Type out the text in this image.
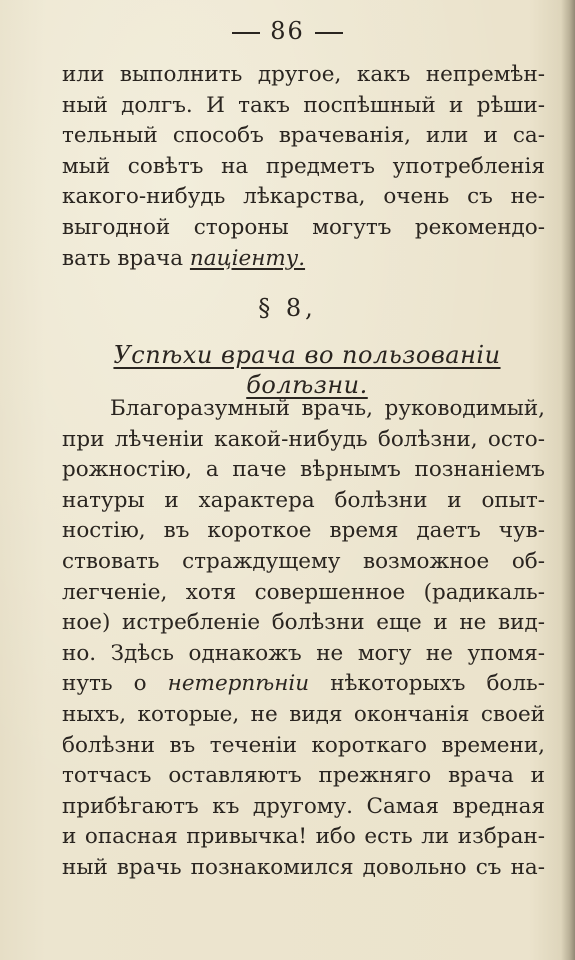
86
или выполнить другое, какъ непремѣн-
ный долгъ. И такъ поспѣшный и рѣши-
тельный способъ врачеванія, или и са-
мый совѣтъ на предметъ употребленія
какого-нибудь лѣкарства, очень съ не-
выгодной стороны могутъ рекомендо-
вать врача пацiенту.
§ 8,
Успѣхи врача во пользованiи болѣзни.
Благоразумный врачь, руководимый,
при лѣченіи какой-нибудь болѣзни, осто-
рожностію, а паче вѣрнымъ познаніемъ
натуры и характера болѣзни и опыт-
ностію, въ короткое время даетъ чув-
ствовать страждущему возможное об-
легченіе, хотя совершенное (радикаль-
ное) истребленіе болѣзни еще и не вид-
но. Здѣсь однакожъ не могу не упомя-
нуть о нетерпѣнiи нѣкоторыхъ боль-
ныхъ, которые, не видя окончанія своей
болѣзни въ теченіи короткаго времени,
тотчасъ оставляютъ прежняго врача и
прибѣгаютъ къ другому. Самая вредная
и опасная привычка! ибо есть ли избран-
ный врачь познакомился довольно съ на-
